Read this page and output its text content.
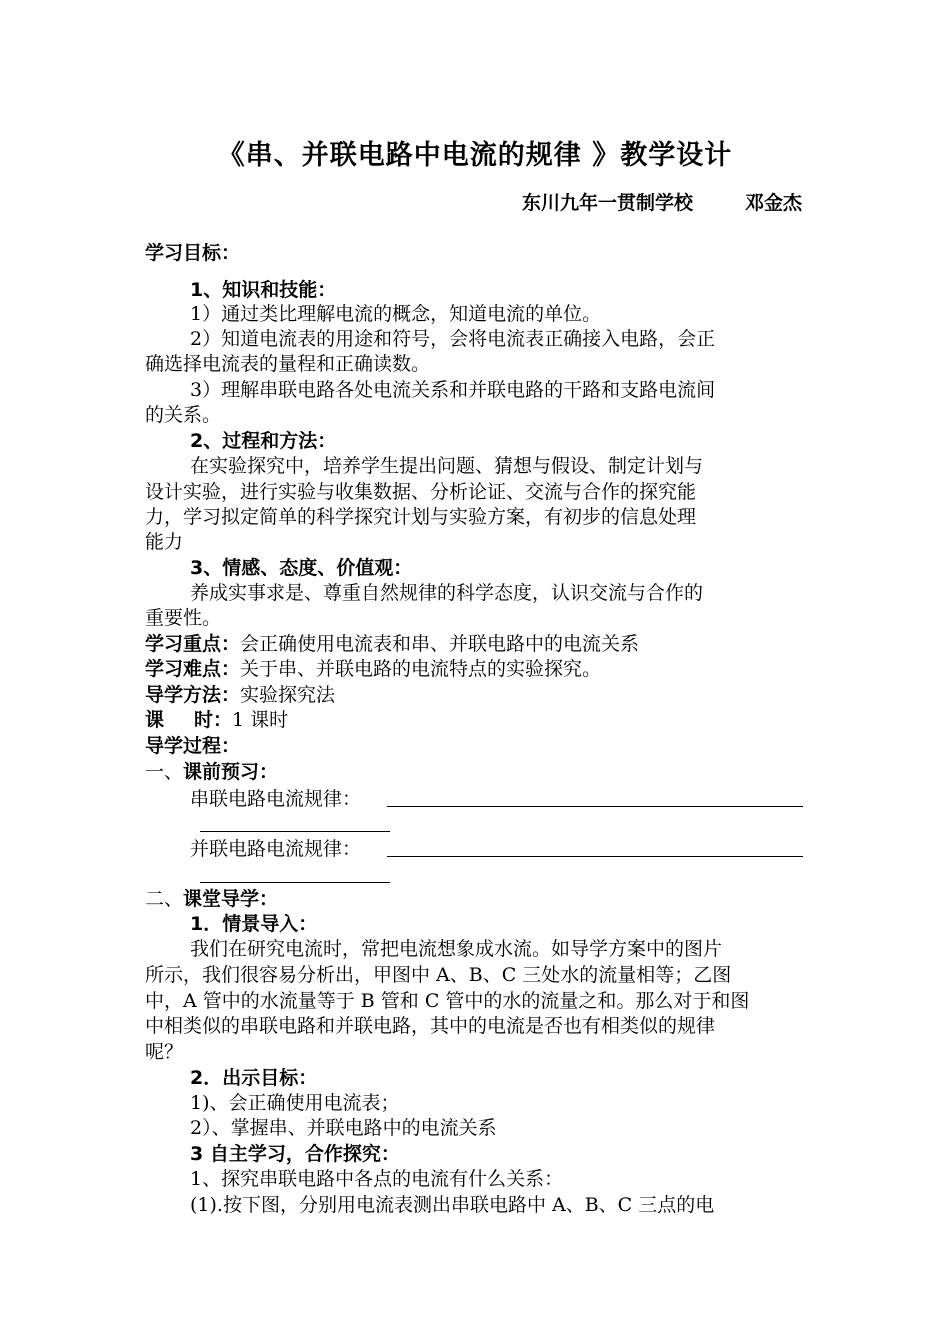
《串、并联电路中电流的规律 》教学设计
东川九年一贯制学校	邓金杰
学习目标：
1、知识和技能：
1）通过类比理解电流的概念，知道电流的单位。
2）知道电流表的用途和符号，会将电流表正确接入电路，会正
确选择电流表的量程和正确读数。
3）理解串联电路各处电流关系和并联电路的干路和支路电流间
的关系。
2、过程和方法：
在实验探究中，培养学生提出问题、猜想与假设、制定计划与
设计实验，进行实验与收集数据、分析论证、交流与合作的探究能
力，学习拟定简单的科学探究计划与实验方案，有初步的信息处理
能力
3、情感、态度、价值观：
养成实事求是、尊重自然规律的科学态度，认识交流与合作的
重要性。
学习重点：会正确使用电流表和串、并联电路中的电流关系
学习难点：关于串、并联电路的电流特点的实验探究。
导学方法：实验探究法
课 时：1 课时
导学过程：
一、课前预习：
串联电路电流规律：
并联电路电流规律：
二、课堂导学：
1．情景导入：
我们在研究电流时，常把电流想象成水流。如导学方案中的图片
所示，我们很容易分析出，甲图中 A、B、C 三处水的流量相等；乙图
中，A 管中的水流量等于 B 管和 C 管中的水的流量之和。那么对于和图
中相类似的串联电路和并联电路，其中的电流是否也有相类似的规律
呢？
2．出示目标：
1)、会正确使用电流表；
2）、掌握串、并联电路中的电流关系
3 自主学习，合作探究：
1、探究串联电路中各点的电流有什么关系：
(1).按下图，分别用电流表测出串联电路中 A、B、C 三点的电
